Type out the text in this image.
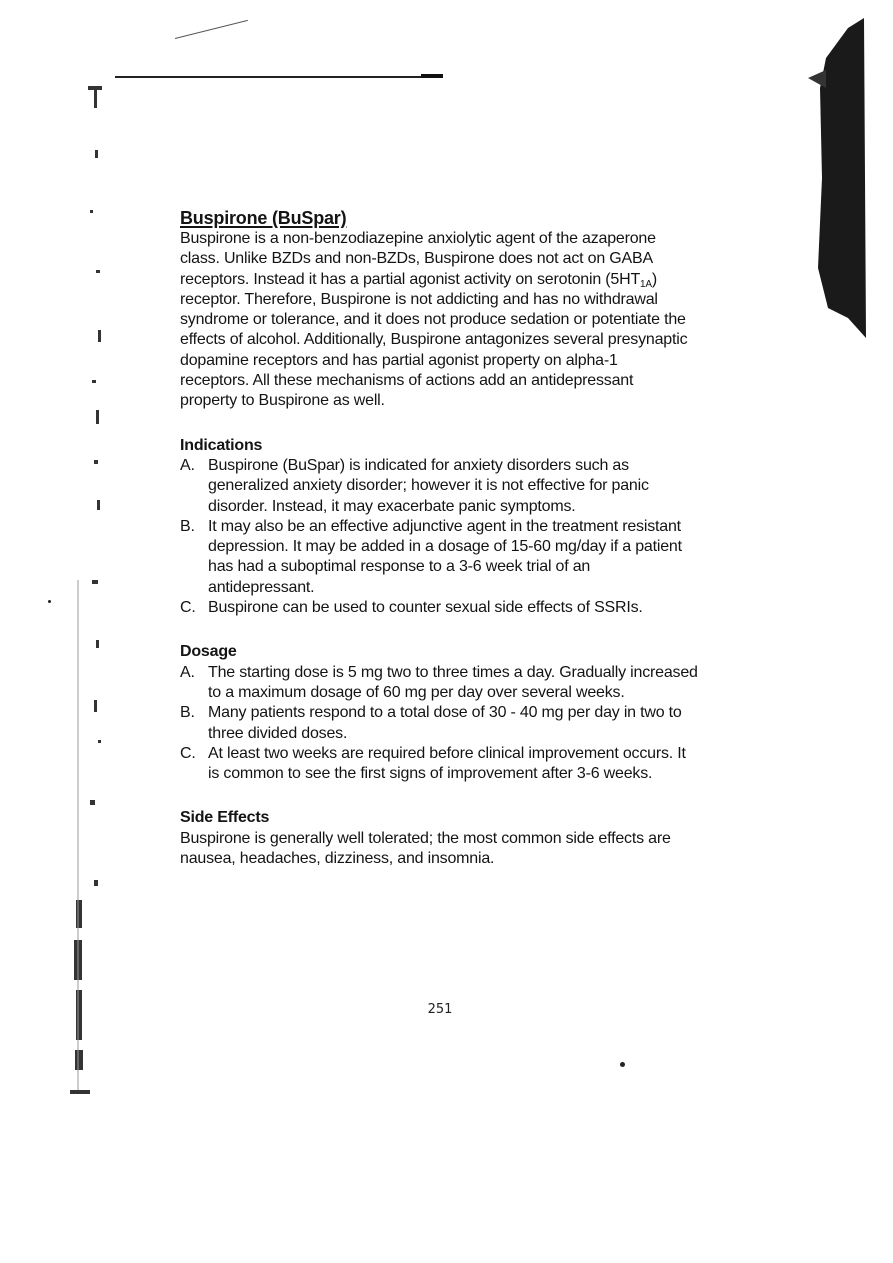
Buspirone (BuSpar)

Buspirone is a non-benzodiazepine anxiolytic agent of the azaperone class. Unlike BZDs and non-BZDs, Buspirone does not act on GABA receptors. Instead it has a partial agonist activity on serotonin $(5HT_{1A})$ receptor. Therefore, Buspirone is not addicting and has no withdrawal syndrome or tolerance, and it does not produce sedation or potentiate the effects of alcohol. Additionally, Buspirone antagonizes several presynaptic dopamine receptors and has partial agonist property on alpha-1 receptors. All these mechanisms of actions add an antidepressant property to Buspirone as well.

Indications
A. Buspirone (BuSpar) is indicated for anxiety disorders such as generalized anxiety disorder; however it is not effective for panic disorder. Instead, it may exacerbate panic symptoms.
B. It may also be an effective adjunctive agent in the treatment resistant depression. It may be added in a dosage of 15-60 mg/day if a patient has had a suboptimal response to a 3-6 week trial of an antidepressant.
C. Buspirone can be used to counter sexual side effects of SSRIs.
Dosage
A. The starting dose is 5 mg two to three times a day. Gradually increased to a maximum dosage of 60 mg per day over several weeks.
B. Many patients respond to a total dose of 30 - 40 mg per day in two to three divided doses.
C. At least two weeks are required before clinical improvement occurs. It is common to see the first signs of improvement after 3-6 weeks.
Side Effects

Buspirone is generally well tolerated; the most common side effects are nausea, headaches, dizziness, and insomnia.

251
